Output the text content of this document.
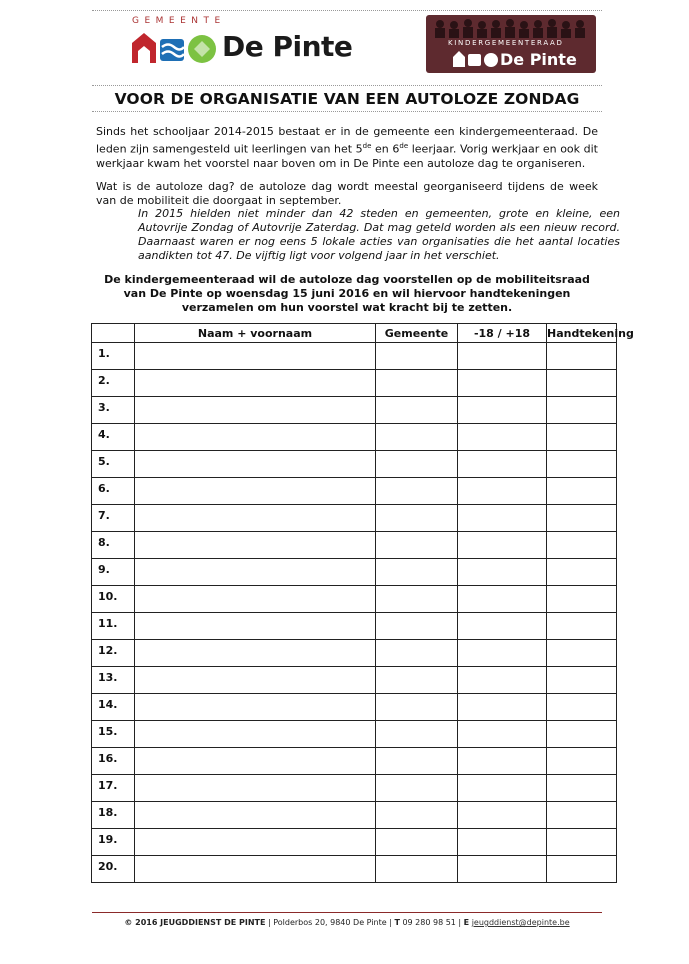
GEMEENTE
De Pinte	KINDERGEMEENTERAAD
De Pinte
VOOR DE ORGANISATIE VAN EEN AUTOLOZE ZONDAG
Sinds het schooljaar 2014-2015 bestaat er in de gemeente een kindergemeenteraad. De leden zijn samengesteld uit leerlingen van het 5de en 6de leerjaar. Vorig werkjaar en ook dit werkjaar kwam het voorstel naar boven om in De Pinte een autoloze dag te organiseren.
Wat is de autoloze dag? de autoloze dag wordt meestal georganiseerd tijdens de week van de mobiliteit die doorgaat in september.
In 2015 hielden niet minder dan 42 steden en gemeenten, grote en kleine, een Autovrije Zondag of Autovrije Zaterdag. Dat mag geteld worden als een nieuw record. Daarnaast waren er nog eens 5 lokale acties van organisaties die het aantal locaties aandikten tot 47. De vijftig ligt voor volgend jaar in het verschiet.
De kindergemeenteraad wil de autoloze dag voorstellen op de mobiliteitsraad van De Pinte op woensdag 15 juni 2016 en wil hiervoor handtekeningen verzamelen om hun voorstel wat kracht bij te zetten.
	Naam + voornaam	Gemeente	-18 / +18	Handtekening
1.				
2.				
3.				
4.				
5.				
6.				
7.				
8.				
9.				
10.				
11.				
12.				
13.				
14.				
15.				
16.				
17.				
18.				
19.				
20.				
© 2016 JEUGDDIENST DE PINTE | Polderbos 20, 9840 De Pinte | T 09 280 98 51 | E jeugddienst@depinte.be
